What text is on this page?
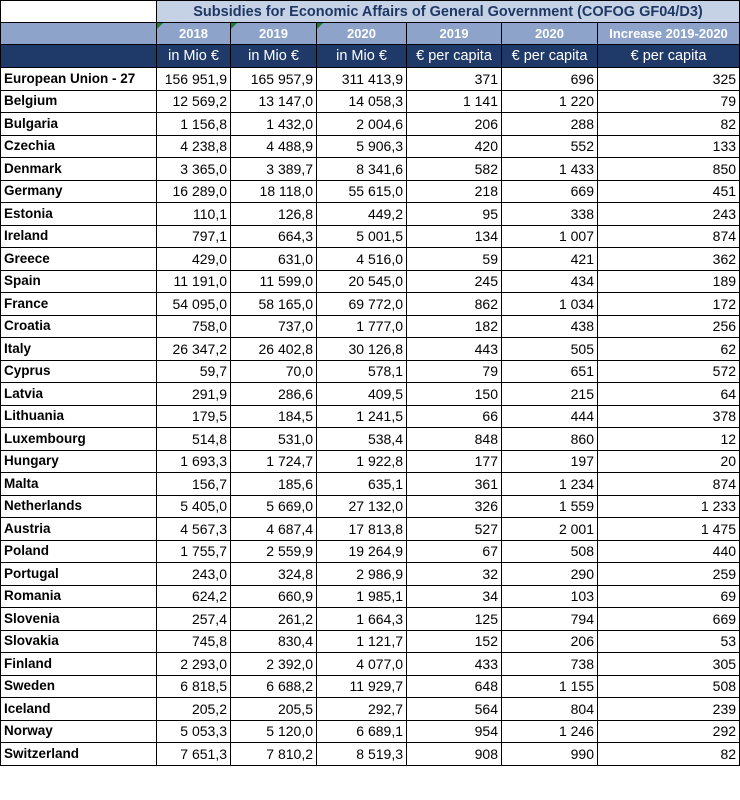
	Subsidies for Economic Affairs of General Government (COFOG GF04/D3)					
	2018	2019	2020	2019	2020	Increase 2019-2020
	in Mio €	in Mio €	in Mio €	€ per capita	€ per capita	€ per capita
European Union - 27	156 951,9	165 957,9	311 413,9	371	696	325
Belgium	12 569,2	13 147,0	14 058,3	1 141	1 220	79
Bulgaria	1 156,8	1 432,0	2 004,6	206	288	82
Czechia	4 238,8	4 488,9	5 906,3	420	552	133
Denmark	3 365,0	3 389,7	8 341,6	582	1 433	850
Germany	16 289,0	18 118,0	55 615,0	218	669	451
Estonia	110,1	126,8	449,2	95	338	243
Ireland	797,1	664,3	5 001,5	134	1 007	874
Greece	429,0	631,0	4 516,0	59	421	362
Spain	11 191,0	11 599,0	20 545,0	245	434	189
France	54 095,0	58 165,0	69 772,0	862	1 034	172
Croatia	758,0	737,0	1 777,0	182	438	256
Italy	26 347,2	26 402,8	30 126,8	443	505	62
Cyprus	59,7	70,0	578,1	79	651	572
Latvia	291,9	286,6	409,5	150	215	64
Lithuania	179,5	184,5	1 241,5	66	444	378
Luxembourg	514,8	531,0	538,4	848	860	12
Hungary	1 693,3	1 724,7	1 922,8	177	197	20
Malta	156,7	185,6	635,1	361	1 234	874
Netherlands	5 405,0	5 669,0	27 132,0	326	1 559	1 233
Austria	4 567,3	4 687,4	17 813,8	527	2 001	1 475
Poland	1 755,7	2 559,9	19 264,9	67	508	440
Portugal	243,0	324,8	2 986,9	32	290	259
Romania	624,2	660,9	1 985,1	34	103	69
Slovenia	257,4	261,2	1 664,3	125	794	669
Slovakia	745,8	830,4	1 121,7	152	206	53
Finland	2 293,0	2 392,0	4 077,0	433	738	305
Sweden	6 818,5	6 688,2	11 929,7	648	1 155	508
Iceland	205,2	205,5	292,7	564	804	239
Norway	5 053,3	5 120,0	6 689,1	954	1 246	292
Switzerland	7 651,3	7 810,2	8 519,3	908	990	82
